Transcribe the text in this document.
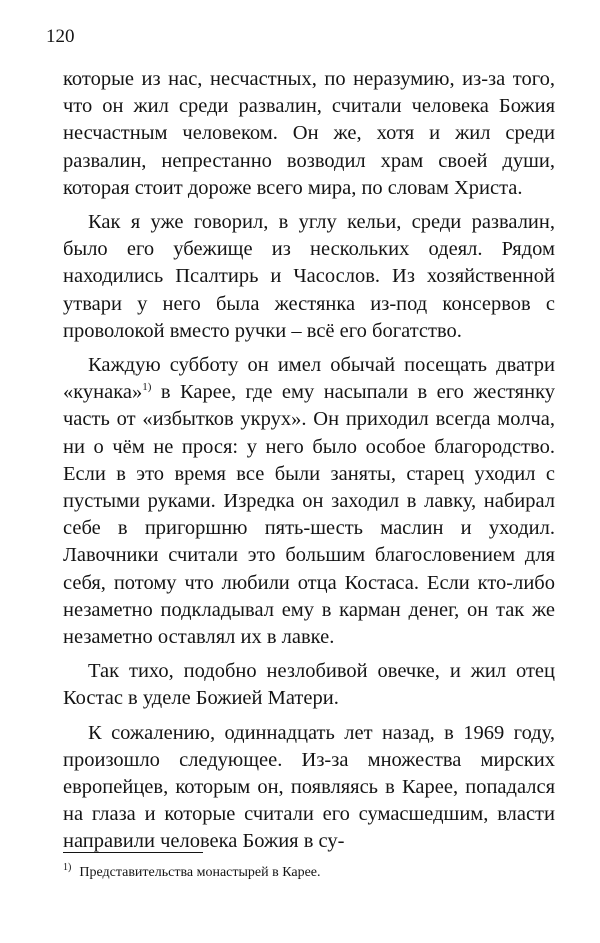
120

которые из нас, несчастных, по неразумию, из-за того, что он жил среди развалин, считали человека Божия несчастным человеком. Он же, хотя и жил среди развалин, непрестанно возводил храм своей души, которая стоит дороже всего мира, по словам Христа.

Как я уже говорил, в углу кельи, среди развалин, было его убежище из нескольких одеял. Рядом находились Псалтирь и Часослов. Из хозяйственной утвари у него была жестянка из-под консервов с проволокой вместо ручки – всё его богатство.

Каждую субботу он имел обычай посещать дватри «кунака»$^{1)}$ в Карее, где ему насыпали в его жестянку часть от «избытков укрух». Он приходил всегда молча, ни о чём не прося: у него было особое благородство. Если в это время все были заняты, старец уходил с пустыми руками. Изредка он заходил в лавку, набирал себе в пригоршню пять-шесть маслин и уходил. Лавочники считали это большим благословением для себя, потому что любили отца Костаса. Если кто-либо незаметно подкладывал ему в карман денег, он так же незаметно оставлял их в лавке.

Так тихо, подобно незлобивой овечке, и жил отец Костас в уделе Божией Матери.

К сожалению, одиннадцать лет назад, в 1969 году, произошло следующее. Из-за множества мирских европейцев, которым он, появляясь в Карее, попадался на глаза и которые считали его сумасшедшим, власти направили человека Божия в су-

$^{1)}$ Представительства монастырей в Карее.
